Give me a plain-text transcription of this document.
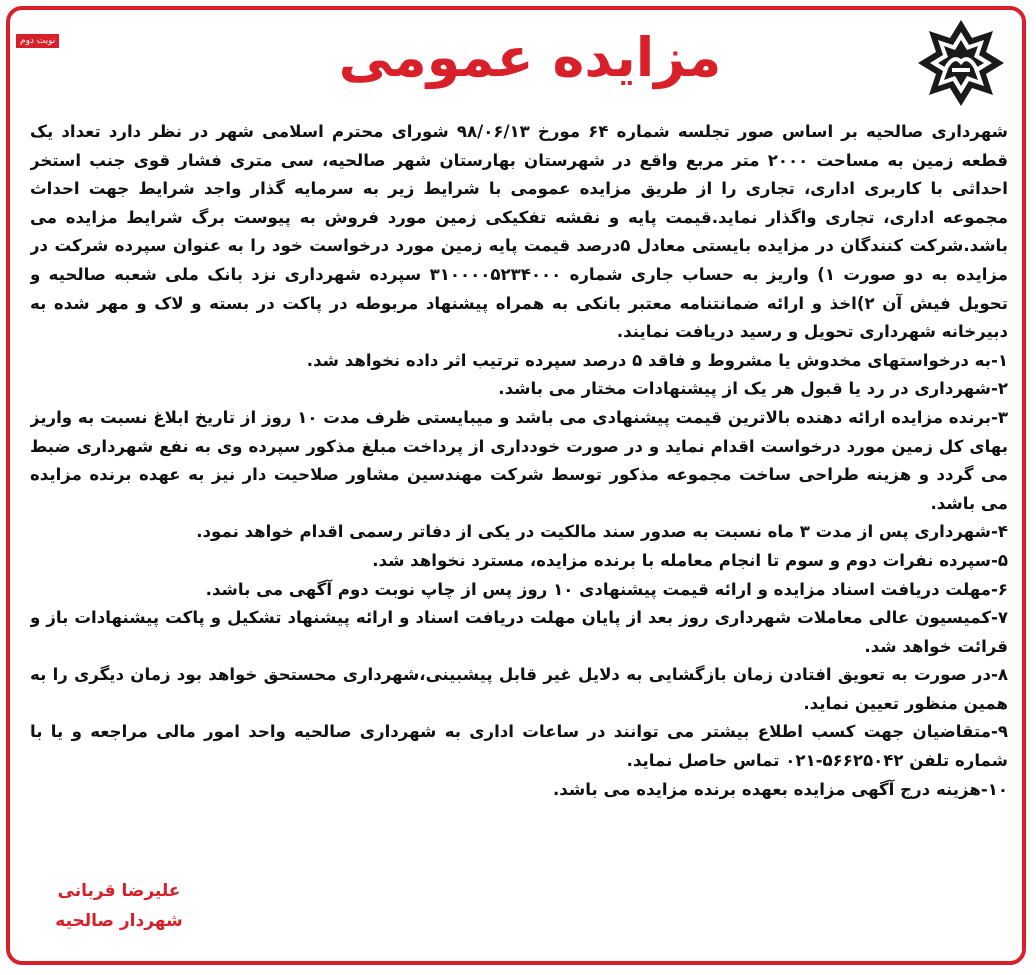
نوبت دوم	مزایده عمومی

شهرداری صالحیه بر اساس صور تجلسه شماره ۶۴ مورخ ۹۸/۰۶/۱۳ شورای محترم اسلامی شهر در نظر دارد تعداد یک قطعه زمین به مساحت ۲۰۰۰ متر مربع واقع در شهرستان بهارستان شهر صالحیه، سی متری فشار قوی جنب استخر احداثی با کاربری اداری، تجاری را از طریق مزایده عمومی با شرایط زیر به سرمایه گذار واجد شرایط جهت احداث مجموعه اداری، تجاری واگذار نماید.قیمت پایه و نقشه تفکیکی زمین مورد فروش به پیوست برگ شرایط مزایده می باشد.شرکت کنندگان در مزایده بایستی معادل ۵درصد قیمت پایه زمین مورد درخواست خود را به عنوان سپرده شرکت در مزایده به دو صورت ۱) واریز به حساب جاری شماره ۳۱۰۰۰۰۵۲۳۴۰۰۰ سپرده شهرداری نزد بانک ملی شعبه صالحیه و تحویل فیش آن ۲)اخذ و ارائه ضمانتنامه معتبر بانکی به همراه پیشنهاد مربوطه در پاکت در بسته و لاک و مهر شده به دبیرخانه شهرداری تحویل و رسید دریافت نمایند.

۱-به درخواستهای مخدوش یا مشروط و فاقد ۵ درصد سپرده ترتیب اثر داده نخواهد شد.

۲-شهرداری در رد یا قبول هر یک از پیشنهادات مختار می باشد.

۳-برنده مزایده ارائه دهنده بالاترین قیمت پیشنهادی می باشد و میبایستی ظرف مدت ۱۰ روز از تاریخ ابلاغ نسبت به واریز بهای کل زمین مورد درخواست اقدام نماید و در صورت خودداری از پرداخت مبلغ مذکور سپرده وی به نفع شهرداری ضبط می گردد و هزینه طراحی ساخت مجموعه مذکور توسط شرکت مهندسین مشاور صلاحیت دار نیز به عهده برنده مزایده می باشد.

۴-شهرداری پس از مدت ۳ ماه نسبت به صدور سند مالکیت در یکی از دفاتر رسمی اقدام خواهد نمود.

۵-سپرده نفرات دوم و سوم تا انجام معامله با برنده مزایده، مسترد نخواهد شد.

۶-مهلت دریافت اسناد مزایده و ارائه قیمت پیشنهادی ۱۰ روز پس از چاپ نوبت دوم آگهی می باشد.

۷-کمیسیون عالی معاملات شهرداری روز بعد از پایان مهلت دریافت اسناد و ارائه پیشنهاد تشکیل و پاکت پیشنهادات باز و قرائت خواهد شد.

۸-در صورت به تعویق افتادن زمان بازگشایی به دلایل غیر قابل پیشبینی،شهرداری محستحق خواهد بود زمان دیگری را به همین منظور تعیین نماید.

۹-متقاضیان جهت کسب اطلاع بیشتر می توانند در ساعات اداری به شهرداری صالحیه واحد امور مالی مراجعه و یا با شماره تلفن ۵۶۶۲۵۰۴۲-۰۲۱ تماس حاصل نماید.

۱۰-هزینه درج آگهی مزایده بعهده برنده مزایده می باشد.

علیرضا قربانی
شهردار صالحیه
